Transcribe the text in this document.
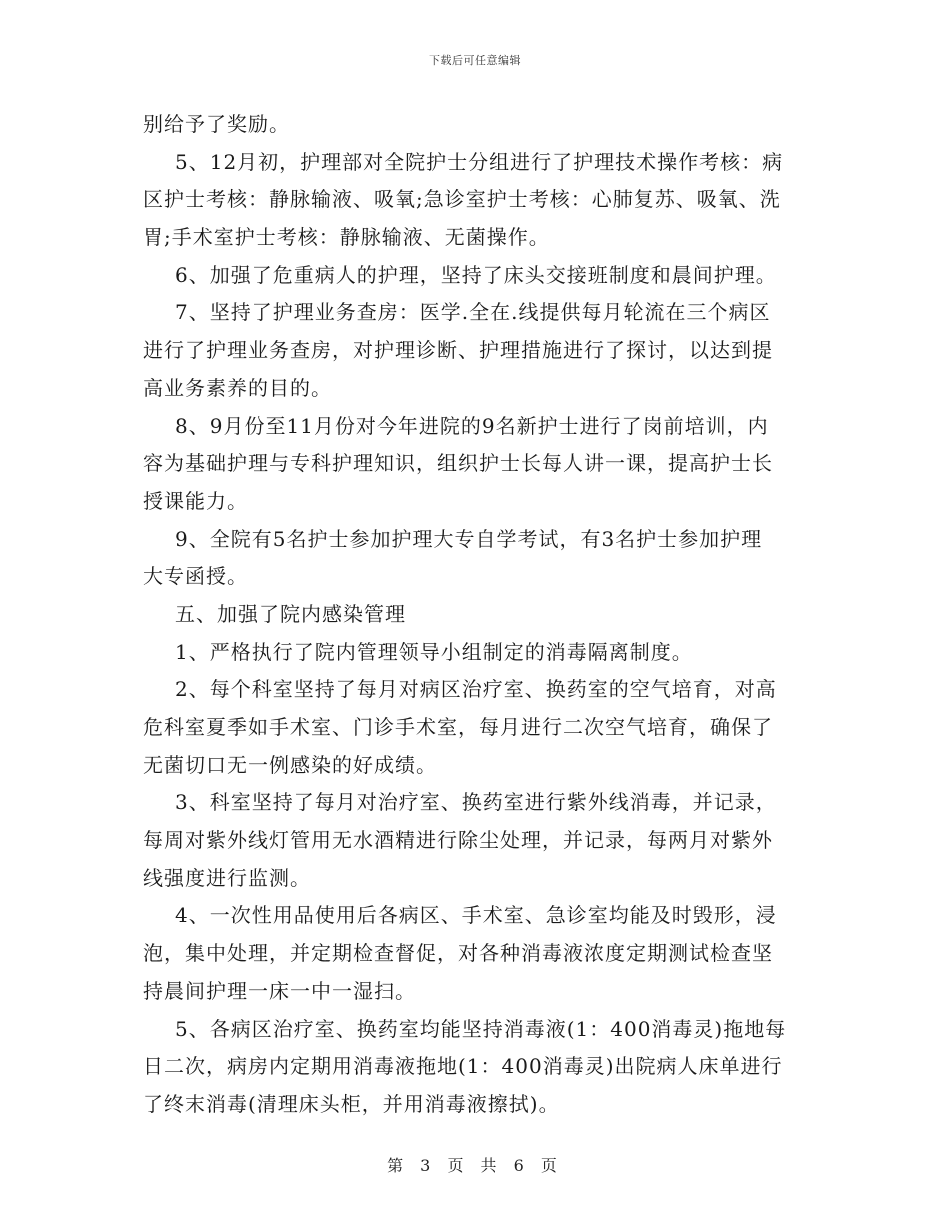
下载后可任意编辑
别给予了奖励。
5、12月初，护理部对全院护士分组进行了护理技术操作考核：病
区护士考核：静脉输液、吸氧;急诊室护士考核：心肺复苏、吸氧、洗
胃;手术室护士考核：静脉输液、无菌操作。
6、加强了危重病人的护理，坚持了床头交接班制度和晨间护理。
7、坚持了护理业务查房：医学.全在.线提供每月轮流在三个病区
进行了护理业务查房，对护理诊断、护理措施进行了探讨，以达到提
高业务素养的目的。
8、9月份至11月份对今年进院的9名新护士进行了岗前培训，内
容为基础护理与专科护理知识，组织护士长每人讲一课，提高护士长
授课能力。
9、全院有5名护士参加护理大专自学考试，有3名护士参加护理
大专函授。
五、加强了院内感染管理
1、严格执行了院内管理领导小组制定的消毒隔离制度。
2、每个科室坚持了每月对病区治疗室、换药室的空气培育，对高
危科室夏季如手术室、门诊手术室，每月进行二次空气培育，确保了
无菌切口无一例感染的好成绩。
3、科室坚持了每月对治疗室、换药室进行紫外线消毒，并记录，
每周对紫外线灯管用无水酒精进行除尘处理，并记录，每两月对紫外
线强度进行监测。
4、一次性用品使用后各病区、手术室、急诊室均能及时毁形，浸
泡，集中处理，并定期检查督促，对各种消毒液浓度定期测试检查坚
持晨间护理一床一中一湿扫。
5、各病区治疗室、换药室均能坚持消毒液(1：400消毒灵)拖地每
日二次，病房内定期用消毒液拖地(1：400消毒灵)出院病人床单进行
了终末消毒(清理床头柜，并用消毒液擦拭)。
第 3 页 共 6 页
